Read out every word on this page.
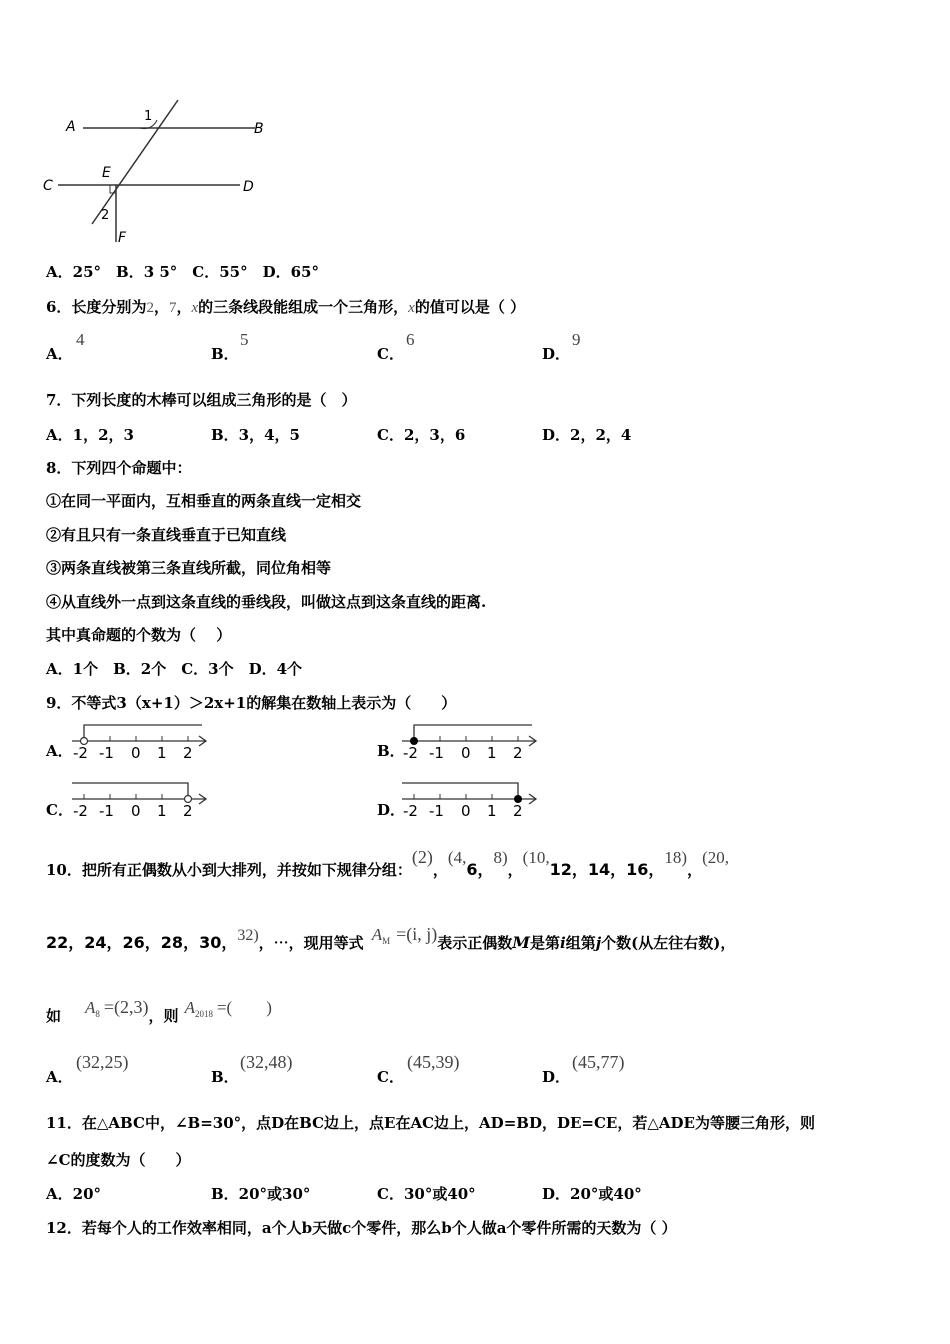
A	B
C	D
E
F
1
2
A．25°　B．3 5°　C．55°　D．65°
6．长度分别为2，7，x的三条线段能组成一个三角形，x的值可以是（ ）
A．
4
B．
5
C．
6
D．
9
7．下列长度的木棒可以组成三角形的是（　）
A．1，2，3	B．3，4，5	C．2，3，6	D．2，2，4
8．下列四个命题中：
①在同一平面内，互相垂直的两条直线一定相交
②有且只有一条直线垂直于已知直线
③两条直线被第三条直线所截，同位角相等
④从直线外一点到这条直线的垂线段，叫做这点到这条直线的距离.
其中真命题的个数为（　 ）
A．1个　B．2个　C．3个　D．4个
9．不等式3（x+1）＞2x+1的解集在数轴上表示为（　　）
A． -2 -1 0 1 2	B．
-2 -1 0 1 2
C． -2 -1 0 1 2	D．
-2 -1 0 1 2
10．把所有正偶数从小到大排列，并按如下规律分组：(2)，(4,6，8)，(10,12，14，16，18)，(20,
22，24，26，28，30，32)，⋯，现用等式 $A_M =(i$, j)表示正偶数M是第i组第j个数(从左往右数)，
如 $A_8 =(2,3)$，则 $A_{2018}$ =(　　)
A．
(32,25)
B．
(32,48)
C．
(45,39)
D．
(45,77)
11．在△ABC中，∠B=30°，点D在BC边上，点E在AC边上，AD=BD，DE=CE，若△ADE为等腰三角形，则
∠C的度数为（　　）
A．20°	B．20°或30°	C．30°或40°	D．20°或40°
12．若每个人的工作效率相同，a个人b天做c个零件，那么b个人做a个零件所需的天数为（ ）
